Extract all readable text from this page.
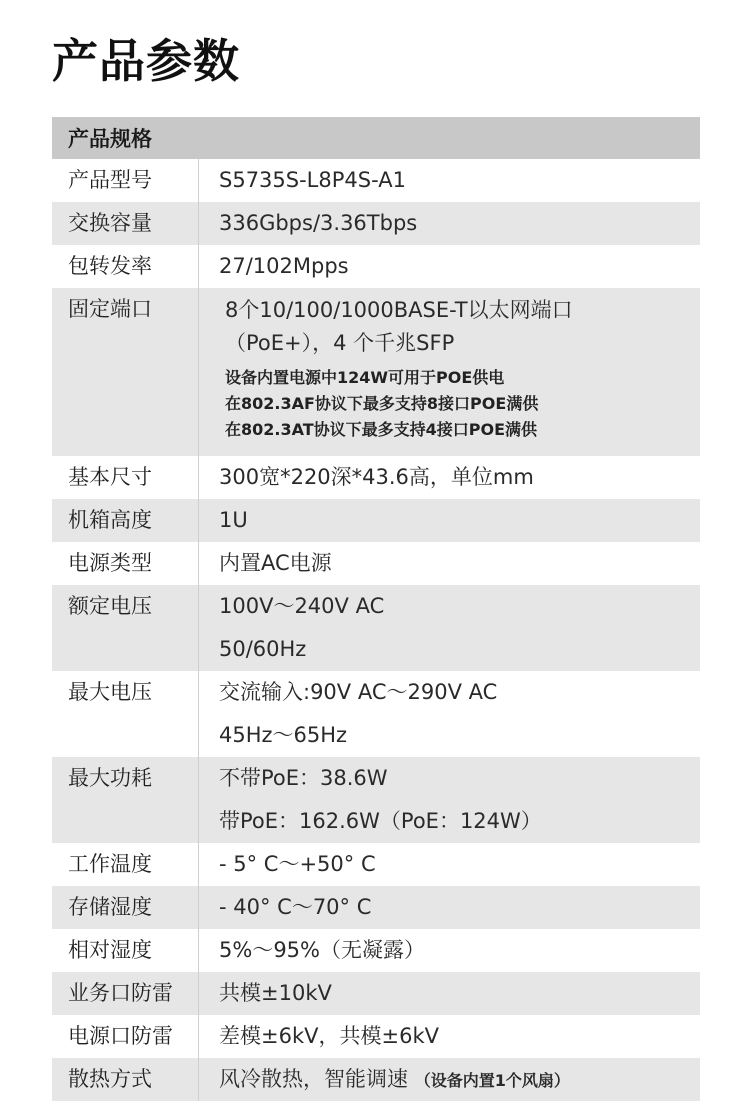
产品参数
产品规格
产品型号	S5735S-L8P4S-A1
交换容量	336Gbps/3.36Tbps
包转发率	27/102Mpps
固定端口	8个10/100/1000BASE-T以太网端口
（PoE+），4 个千兆SFP
设备内置电源中124W可用于POE供电
在802.3AF协议下最多支持8接口POE满供
在802.3AT协议下最多支持4接口POE满供
基本尺寸	300宽*220深*43.6高，单位mm
机箱高度	1U
电源类型	内置AC电源
额定电压	100V～240V AC
50/60Hz
最大电压	交流输入:90V AC～290V AC
45Hz～65Hz
最大功耗	不带PoE：38.6W
带PoE：162.6W（PoE：124W）
工作温度	- 5° C～+50° C
存储湿度	- 40° C～70° C
相对湿度	5%～95%（无凝露）
业务口防雷	共模±10kV
电源口防雷	差模±6kV，共模±6kV
散热方式	风冷散热，智能调速 （设备内置1个风扇）
